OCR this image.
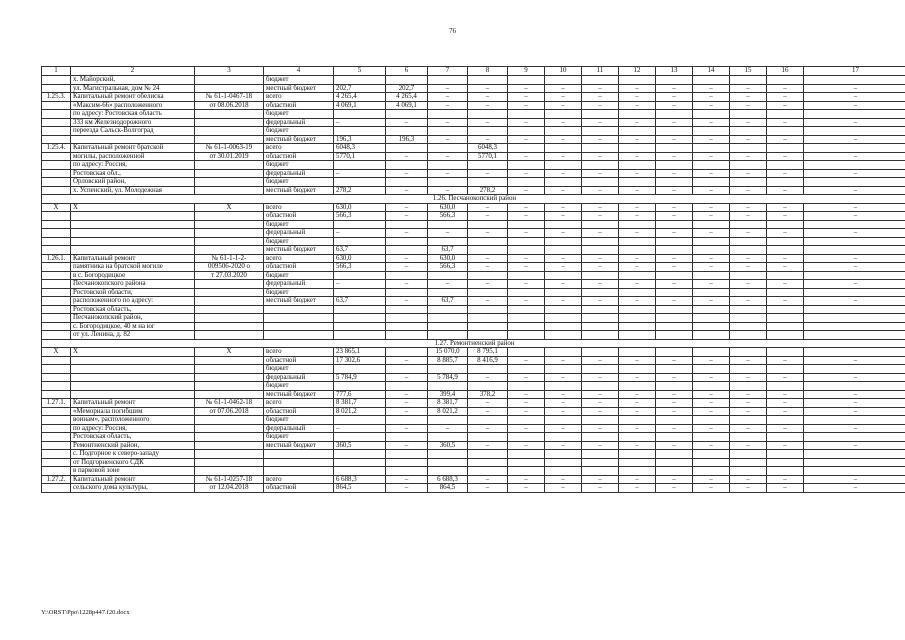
76
1	2	3	4	5	6	7	8	9	10	11	12	13	14	15	16	17
	х. Майорский,		бюджет													
	ул. Магистральная, дом № 24		местный бюджет	202,7	202,7	–	–	–	–	–	–	–	–	–	–	–
1.25.3.	Капитальный ремонт обелиска	№ 61-1-0467-18	всего	4 265,4	4 265,4	–	–	–	–	–	–	–	–	–	–	–
	«Максим-66» расположенного	от 08.06.2018	областной	4 069,1	4 069,1	–	–	–	–	–	–	–	–	–	–	–
	по адресу: Ростовская область		бюджет													
	333 км Железнодорожного		федеральный	–	–	–	–	–	–	–	–	–	–	–	–	–
	переезда Сальск-Волгоград		бюджет													
			местный бюджет	196,3	196,3	–	–	–	–	–	–	–	–	–	–	–
1.25.4.	Капитальный ремонт братской	№ 61-1-0063-19	всего	6048,3			6048,3									
	могилы, расположенной	от 30.01.2019	областной	5770,1	–	–	5770,1	–	–	–	–	–	–	–	–	–
	по адресу: Россия,		бюджет													
	Ростовская обл.,		федеральный	–	–	–	–	–	–	–	–	–	–	–	–	–
	Орловский район,		бюджет													
	х. Успенский, ул. Молодежная		местный бюджет	278,2	–	–	278,2	–	–	–	–	–	–	–	–	–
1.26. Песчанокопский район																
Х	Х	Х	всего	630,0	–	630,0	–	–	–	–	–	–	–	–	–	–
			областной	566,3	–	566,3	–	–	–	–	–	–	–	–	–	–
			бюджет													
			федеральный	–	–	–	–	–	–	–	–	–	–	–	–	–
			бюджет													
			местный бюджет	63,7		63,7										
1.26.1.	Капитальный ремонт	№ 61-1-1-2-	всего	630,0	–	630,0	–	–	–	–	–	–	–	–	–	–
	памятника на братской могиле	009506-2020 о	областной	566,3	–	566,3	–	–	–	–	–	–	–	–	–	–
	в с. Богородицкое	т 27.03.2020	бюджет													
	Песчанокопского района		федеральный	–	–	–	–	–	–	–	–	–	–	–	–	–
	Ростовской области,		бюджет													
	расположенного по адресу:		местный бюджет	63,7	–	63,7	–	–	–	–	–	–	–	–	–	–
	Ростовская область,															
	Песчанокопский район,															
	с. Богородицкое, 40 м на юг															
	от ул. Ленина, д. 82															
1.27. Ремонтненский район																
Х	Х	Х	всего	23 865,1		15 070,0	8 795,1									
			областной	17 302,6	–	8 885,7	8 416,9	–	–	–	–	–	–	–	–	–
			бюджет													
			федеральный	5 784,9	–	5 784,9	–	–	–	–	–	–	–	–	–	–
			бюджет													
			местный бюджет	777,6	–	399,4	378,2	–	–	–	–	–	–	–	–	–
1.27.1.	Капитальный ремонт	№ 61-1-0462-18	всего	8 381,7	–	8 381,7	–	–	–	–	–	–	–	–	–	–
	«Мемориала погибшим	от 07.06.2018	областной	8 021,2	–	8 021,2	–	–	–	–	–	–	–	–	–	–
	воинам», расположенного		бюджет													
	по адресу: Россия,		федеральный	–	–	–	–	–	–	–	–	–	–	–	–	–
	Ростовская область,		бюджет													
	Ремонтненский район,		местный бюджет	360,5	–	360,5	–	–	–	–	–	–	–	–	–	–
	с. Подгорное к северо-западу															
	от Подгорненского СДК															
	в парковой зоне															
1.27.2.	Капитальный ремонт	№ 61-1-0257-18	всего	6 688,3	–	6 688,3	–	–	–	–	–	–	–	–	–	–
	сельского дома культуры,	от 12.04.2018	областной	864,5	–	864,5	–	–	–	–	–	–	–	–	–	–
Y:\ORST\Ppo\1228p447.f20.docx
